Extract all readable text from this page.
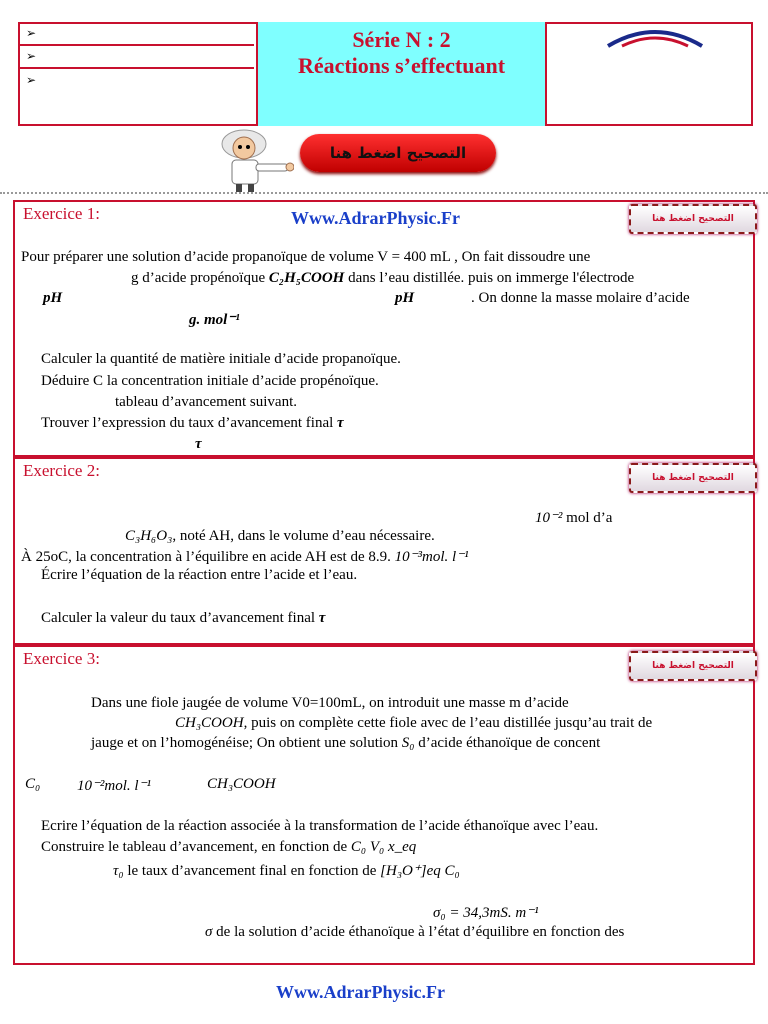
➢
➢
➢
Série N : 2
Réactions s’effectuant
التصحيح اضغط هنا
Exercice 1:	Www.AdrarPhysic.Fr	التصحيح اضغط هنا
Pour préparer une solution d’acide propanoïque de volume V = 400 mL , On fait dissoudre une
g d’acide propénoïque C₂H₅COOH dans l’eau distillée. puis on immerge l'électrode
pH	pH	. On donne la masse molaire d’acide
g. mol⁻¹
Calculer la quantité de matière initiale d’acide propanoïque.
Déduire C la concentration initiale d’acide propénoïque.
tableau d’avancement suivant.
Trouver l’expression du taux d’avancement final τ
τ
Exercice 2:	التصحيح اضغط هنا
10⁻² mol d’a
C₃H₆O₃, noté AH, dans le volume d’eau nécessaire.
À 25oC, la concentration à l’équilibre en acide AH est de 8.9. 10⁻³mol. l⁻¹
Écrire l’équation de la réaction entre l’acide et l’eau.
Calculer la valeur du taux d’avancement final τ
Exercice 3:	التصحيح اضغط هنا
Dans une fiole jaugée de volume V0=100mL, on introduit une masse m d’acide
CH₃COOH, puis on complète cette fiole avec de l’eau distillée jusqu’au trait de
jauge et on l’homogénéise; On obtient une solution S₀ d’acide éthanoïque de concent
C₀ 10⁻²mol. l⁻¹	CH₃COOH
Ecrire l’équation de la réaction associée à la transformation de l’acide éthanoïque avec l’eau.
Construire le tableau d’avancement, en fonction de C₀ V₀ x_eq
τ₀ le taux d’avancement final en fonction de [H₃O⁺]eq C₀
σ₀ = 34,3mS. m⁻¹
σ de la solution d’acide éthanoïque à l’état d’équilibre en fonction des
Www.AdrarPhysic.Fr
